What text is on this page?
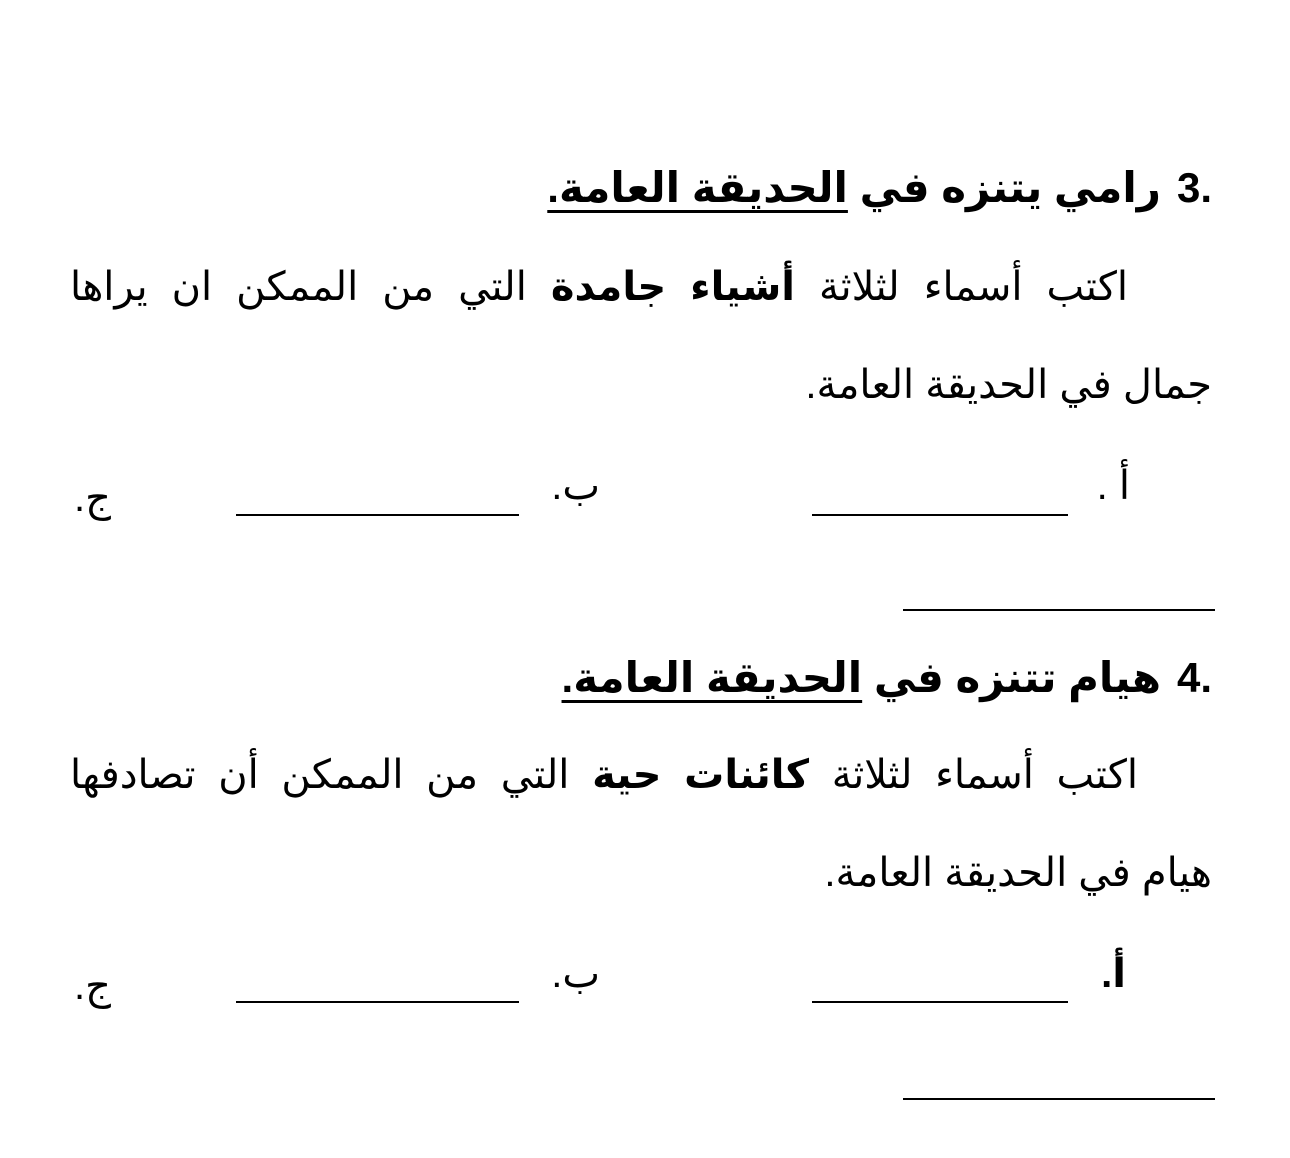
3.رامي يتنزه في الحديقة العامة.
اكتب أسماء لثلاثة أشياء جامدة التي من الممكن ان يراها
جمال في الحديقة العامة.
أ .
ب.
ج.
4.هيام تتنزه في الحديقة العامة.
اكتب أسماء لثلاثة كائنات حية التي من الممكن أن تصادفها
هيام في الحديقة العامة.
أ.
ب.
ج.
